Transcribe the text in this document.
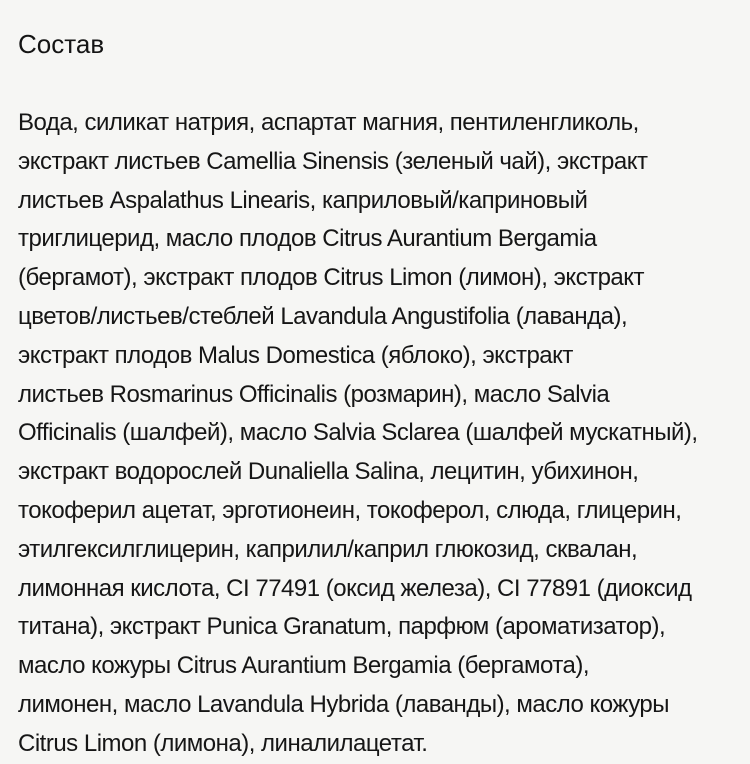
Состав
Вода, силикат натрия, аспартат магния, пентиленгликоль,
экстракт листьев Camellia Sinensis (зеленый чай), экстракт
листьев Aspalathus Linearis, каприловый/каприновый
триглицерид, масло плодов Citrus Aurantium Bergamia
(бергамот), экстракт плодов Citrus Limon (лимон), экстракт
цветов/листьев/стеблей Lavandula Angustifolia (лаванда),
экстракт плодов Malus Domestica (яблоко), экстракт
листьев Rosmarinus Officinalis (розмарин), масло Salvia
Officinalis (шалфей), масло Salvia Sclarea (шалфей мускатный),
экстракт водорослей Dunaliella Salina, лецитин, убихинон,
токоферил ацетат, эрготионеин, токоферол, слюда, глицерин,
этилгексилглицерин, каприлил/каприл глюкозид, сквалан,
лимонная кислота, CI 77491 (оксид железа), CI 77891 (диоксид
титана), экстракт Punica Granatum, парфюм (ароматизатор),
масло кожуры Citrus Aurantium Bergamia (бергамота),
лимонен, масло Lavandula Hybrida (лаванды), масло кожуры
Citrus Limon (лимона), линалилацетат.
